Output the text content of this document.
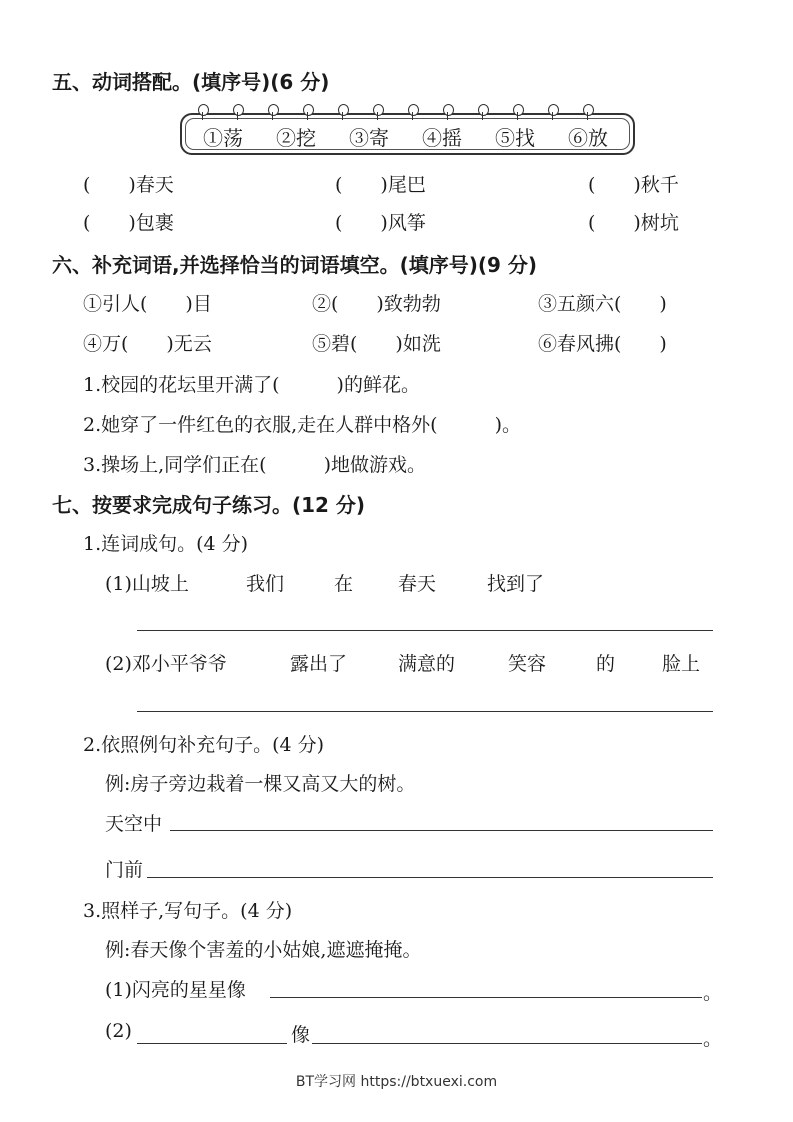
五、动词搭配。(填序号)(6 分)
①荡 ②挖 ③寄 ④摇 ⑤找 ⑥放
(　　)春天	(　　)尾巴	(　　)秋千
(　　)包裹	(　　)风筝	(　　)树坑
六、补充词语,并选择恰当的词语填空。(填序号)(9 分)
①引人(　　)目	②(　　)致勃勃	③五颜六(　　)
④万(　　)无云	⑤碧(　　)如洗	⑥春风拂(　　)
1.校园的花坛里开满了(　　　)的鲜花。
2.她穿了一件红色的衣服,走在人群中格外(　　　)。
3.操场上,同学们正在(　　　)地做游戏。
七、按要求完成句子练习。(12 分)
1.连词成句。(4 分)
(1)山坡上	我们	在 春天	找到了
(2)邓小平爷爷	露出了	满意的	笑容	的 脸上
2.依照例句补充句子。(4 分)
例:房子旁边栽着一棵又高又大的树。
天空中
门前
3.照样子,写句子。(4 分)
例:春天像个害羞的小姑娘,遮遮掩掩。
(1)闪亮的星星像	。
(2)	像	。
BT学习网 https://btxuexi.com
